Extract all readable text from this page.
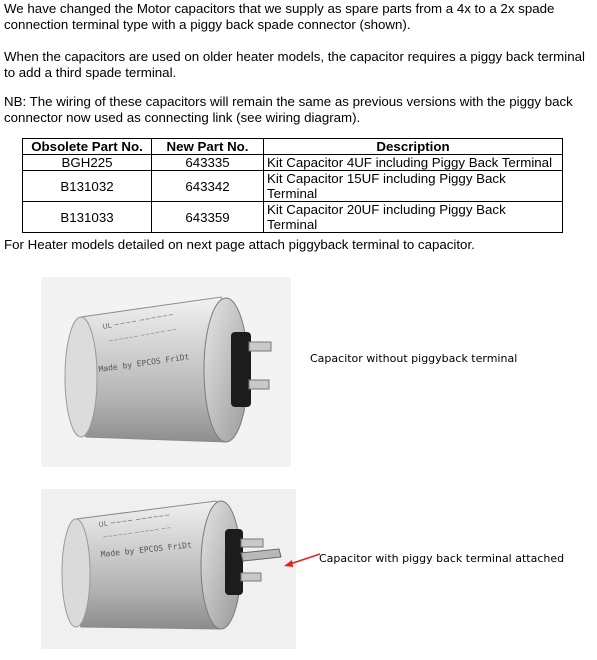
We have changed the Motor capacitors that we supply as spare parts from a 4x to a 2x spade connection terminal type with a piggy back spade connector (shown).

When the capacitors are used on older heater models, the capacitor requires a piggy back terminal to add a third spade terminal.

NB: The wiring of these capacitors will remain the same as previous versions with the piggy back connector now used as connecting link (see wiring diagram).

Obsolete Part No.	New Part No.	Description
BGH225	643335	Kit Capacitor 4UF including Piggy Back Terminal
B131032	643342	Kit Capacitor 15UF including Piggy Back Terminal
B131033	643359	Kit Capacitor 20UF including Piggy Back Terminal

For Heater models detailed on next page attach piggyback terminal to capacitor.

UL ~~~~ ~~~~~~
~~~~~~ ~~~~~ ~~
Made by EPCOS FriDt	Capacitor without piggyback terminal
UL ~~~~ ~~~~~~
~~~~~~ ~~~~~ ~~
Made by EPCOS FriDt	Capacitor with piggy back terminal attached
